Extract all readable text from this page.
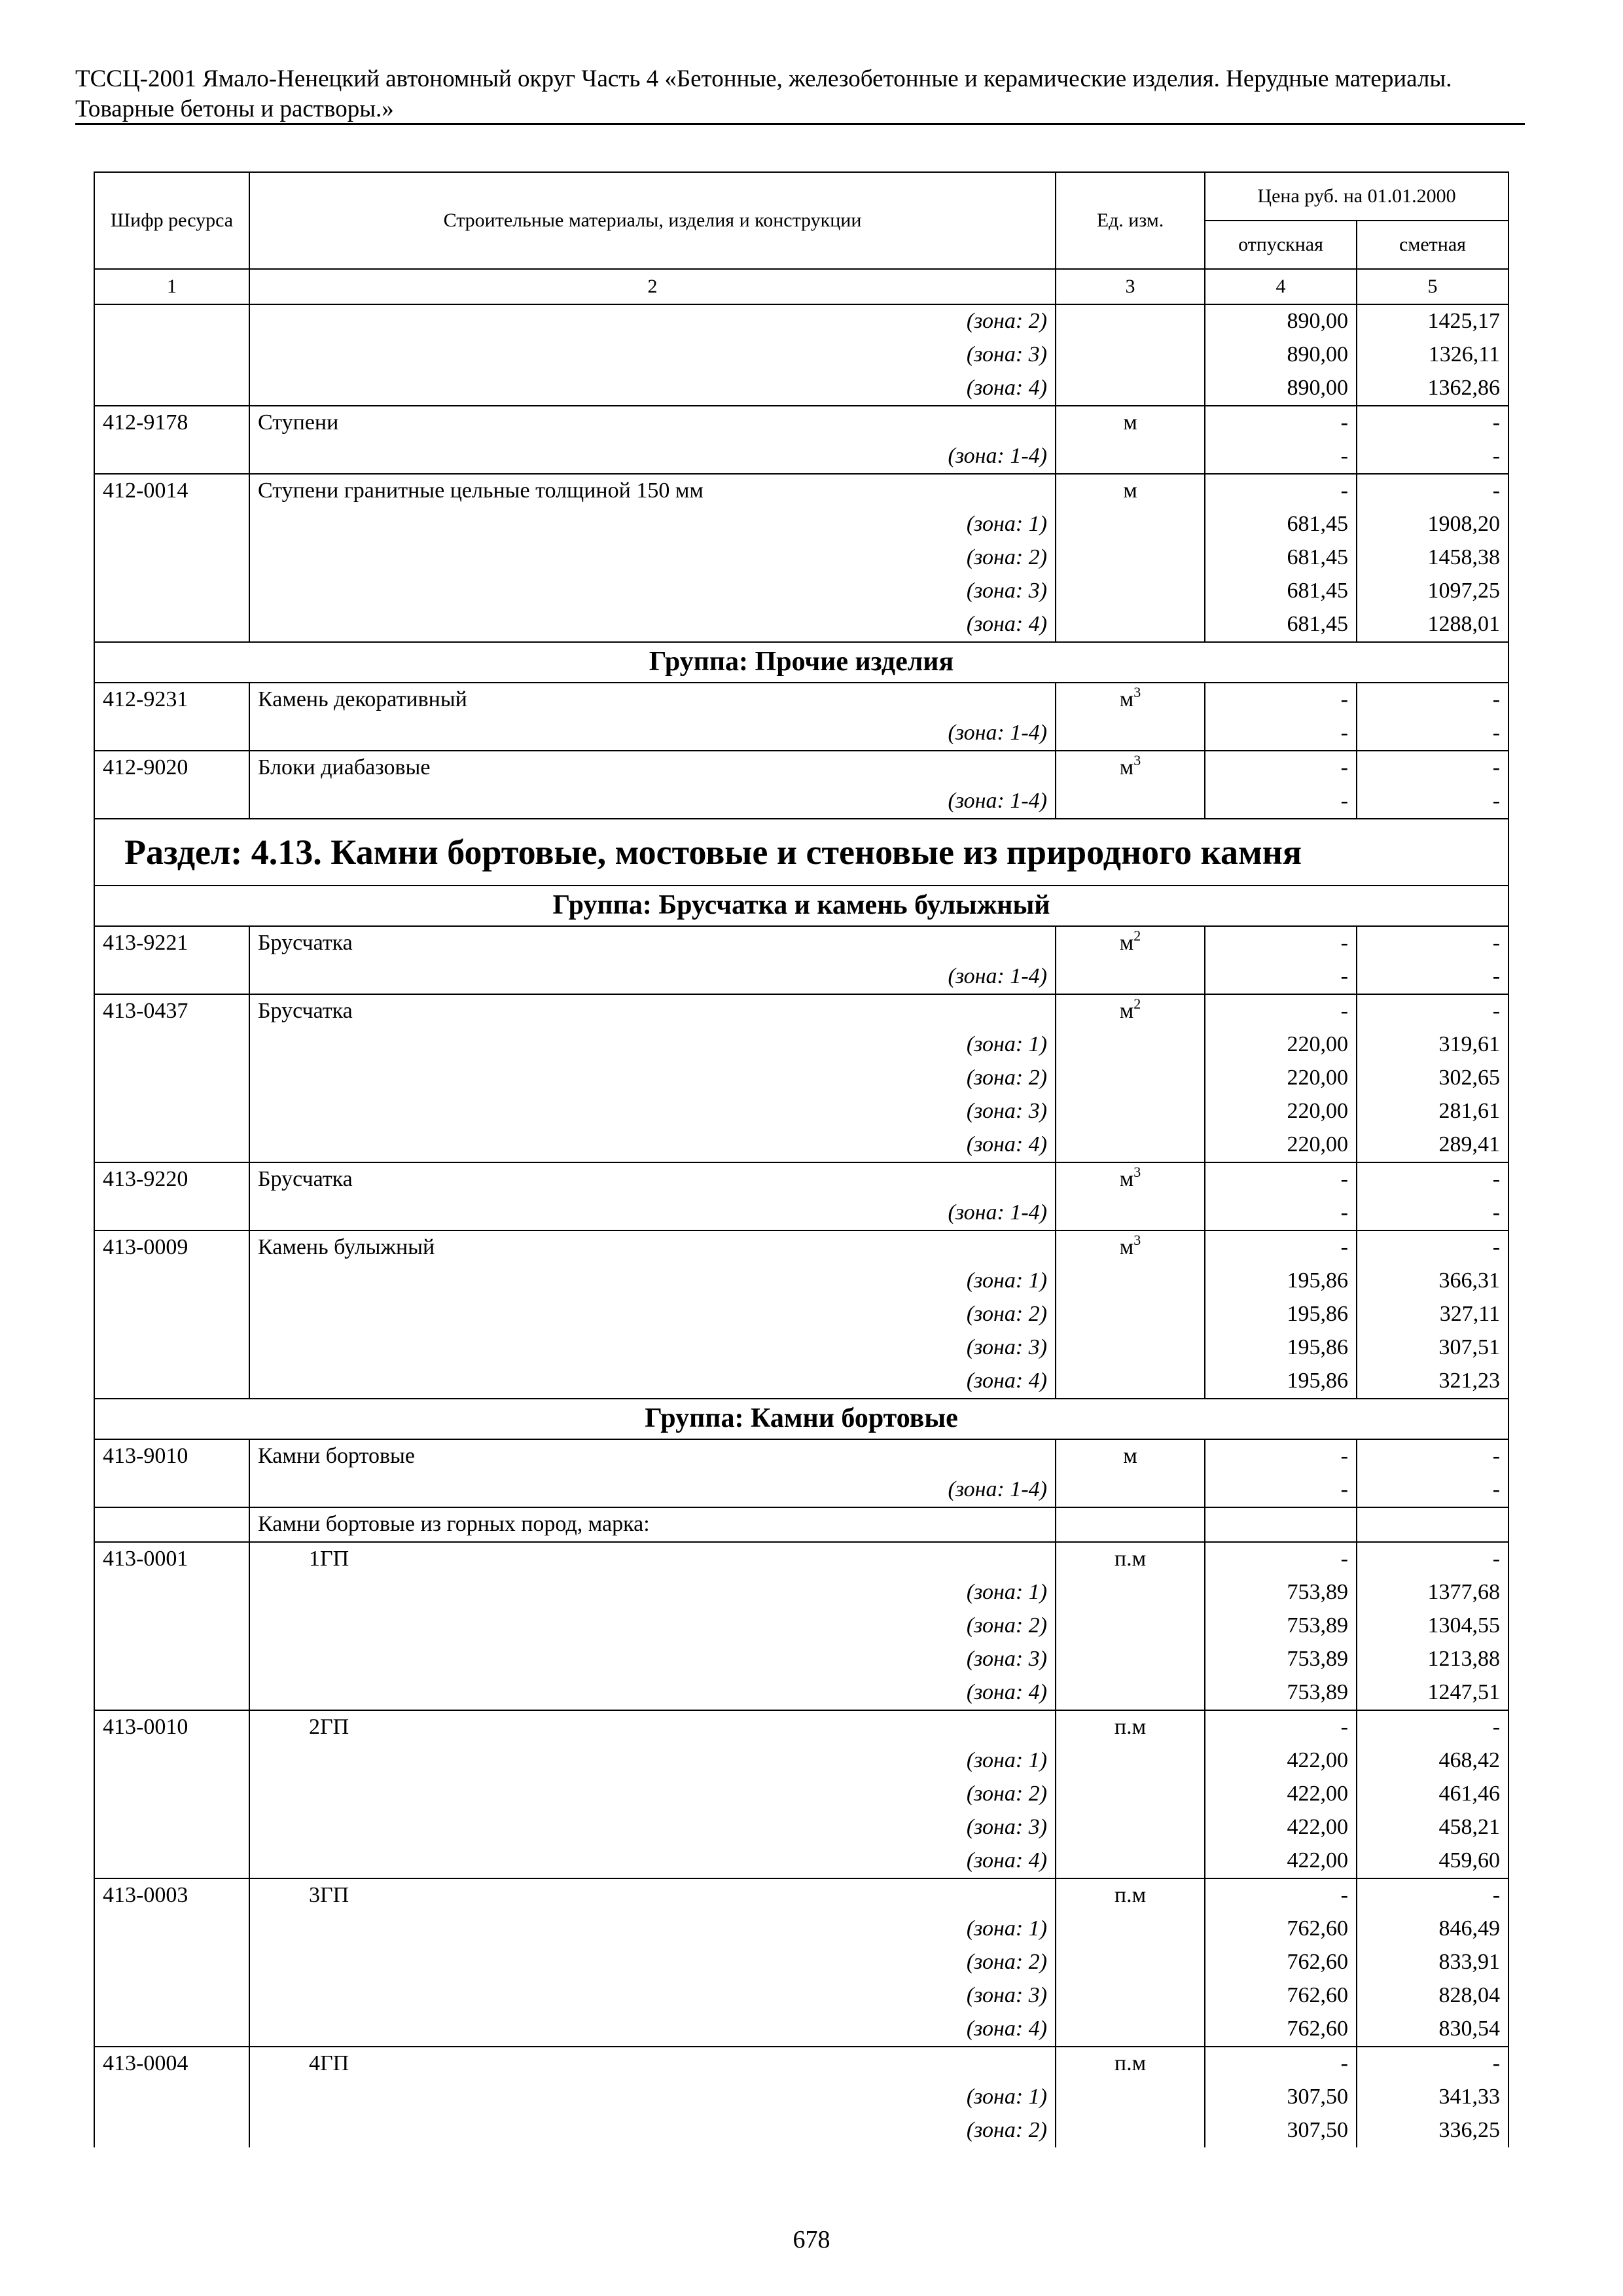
ТССЦ-2001 Ямало-Ненецкий автономный округ Часть 4 «Бетонные, железобетонные и керамические изделия. Нерудные материалы.
Товарные бетоны и растворы.»
Шифр ресурса	Строительные материалы, изделия и конструкции	Ед. изм.	Цена руб. на 01.01.2000	
			отпускная	сметная
1	2	3	4	5
	(зона: 2)		890,00	1425,17
	(зона: 3)		890,00	1326,11
	(зона: 4)		890,00	1362,86
412-9178	Ступени	м	-	-
	(зона: 1-4)		-	-
412-0014	Ступени гранитные цельные толщиной 150 мм	м	-	-
	(зона: 1)		681,45	1908,20
	(зона: 2)		681,45	1458,38
	(зона: 3)		681,45	1097,25
	(зона: 4)		681,45	1288,01
Группа: Прочие изделия				
412-9231	Камень декоративный	$м^3$	-	-
	(зона: 1-4)		-	-
412-9020	Блоки диабазовые	$м^3$	-	-
	(зона: 1-4)		-	-
Раздел: 4.13. Камни бортовые, мостовые и стеновые из природного камня				
Группа: Брусчатка и камень булыжный				
413-9221	Брусчатка	$м^2$	-	-
	(зона: 1-4)		-	-
413-0437	Брусчатка	$м^2$	-	-
	(зона: 1)		220,00	319,61
	(зона: 2)		220,00	302,65
	(зона: 3)		220,00	281,61
	(зона: 4)		220,00	289,41
413-9220	Брусчатка	$м^3$	-	-
	(зона: 1-4)		-	-
413-0009	Камень булыжный	$м^3$	-	-
	(зона: 1)		195,86	366,31
	(зона: 2)		195,86	327,11
	(зона: 3)		195,86	307,51
	(зона: 4)		195,86	321,23
Группа: Камни бортовые				
413-9010	Камни бортовые	м	-	-
	(зона: 1-4)		-	-
	Камни бортовые из горных пород, марка:			
413-0001	1ГП	п.м	-	-
	(зона: 1)		753,89	1377,68
	(зона: 2)		753,89	1304,55
	(зона: 3)		753,89	1213,88
	(зона: 4)		753,89	1247,51
413-0010	2ГП	п.м	-	-
	(зона: 1)		422,00	468,42
	(зона: 2)		422,00	461,46
	(зона: 3)		422,00	458,21
	(зона: 4)		422,00	459,60
413-0003	3ГП	п.м	-	-
	(зона: 1)		762,60	846,49
	(зона: 2)		762,60	833,91
	(зона: 3)		762,60	828,04
	(зона: 4)		762,60	830,54
413-0004	4ГП	п.м	-	-
	(зона: 1)		307,50	341,33
	(зона: 2)		307,50	336,25
678
